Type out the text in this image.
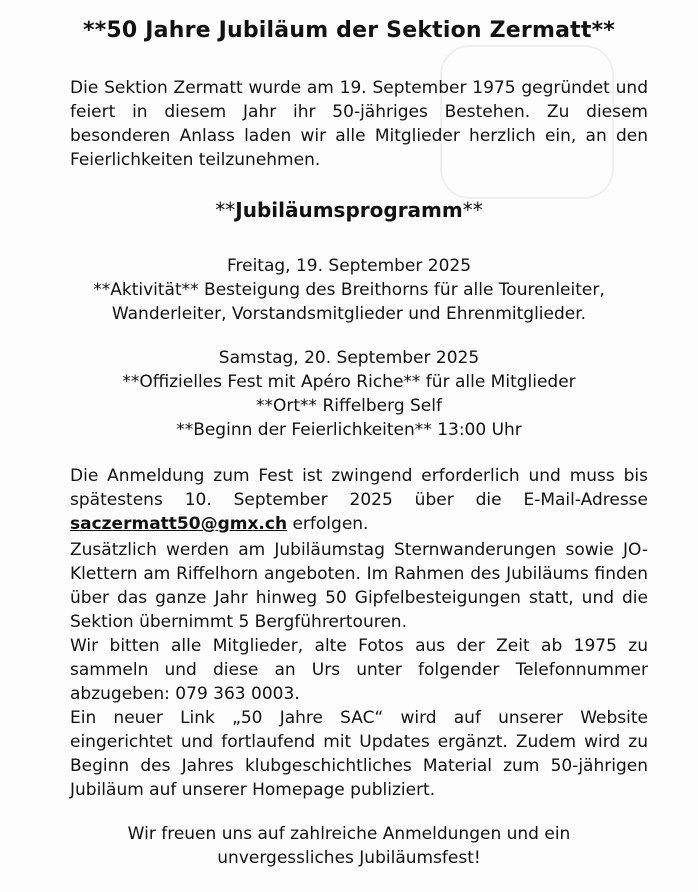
**50 Jahre Jubiläum der Sektion Zermatt**

Die Sektion Zermatt wurde am 19. September 1975 gegründet und feiert in diesem Jahr ihr 50-jähriges Bestehen. Zu diesem besonderen Anlass laden wir alle Mitglieder herzlich ein, an den Feierlichkeiten teilzunehmen.

**Jubiläumsprogramm**
Freitag, 19. September 2025
**Aktivität** Besteigung des Breithorns für alle Tourenleiter,
Wanderleiter, Vorstandsmitglieder und Ehrenmitglieder.
Samstag, 20. September 2025
**Offizielles Fest mit Apéro Riche** für alle Mitglieder
**Ort** Riffelberg Self
**Beginn der Feierlichkeiten** 13:00 Uhr

Die Anmeldung zum Fest ist zwingend erforderlich und muss bis spätestens 10. September 2025 über die E-Mail-Adresse saczermatt50@gmx.ch erfolgen.

Zusätzlich werden am Jubiläumstag Sternwanderungen sowie JO-Klettern am Riffelhorn angeboten. Im Rahmen des Jubiläums finden über das ganze Jahr hinweg 50 Gipfelbesteigungen statt, und die Sektion übernimmt 5 Bergführertouren.

Wir bitten alle Mitglieder, alte Fotos aus der Zeit ab 1975 zu sammeln und diese an Urs unter folgender Telefonnummer abzugeben: 079 363 0003.

Ein neuer Link „50 Jahre SAC“ wird auf unserer Website eingerichtet und fortlaufend mit Updates ergänzt. Zudem wird zu Beginn des Jahres klubgeschichtliches Material zum 50-jährigen Jubiläum auf unserer Homepage publiziert.

Wir freuen uns auf zahlreiche Anmeldungen und ein
unvergessliches Jubiläumsfest!
